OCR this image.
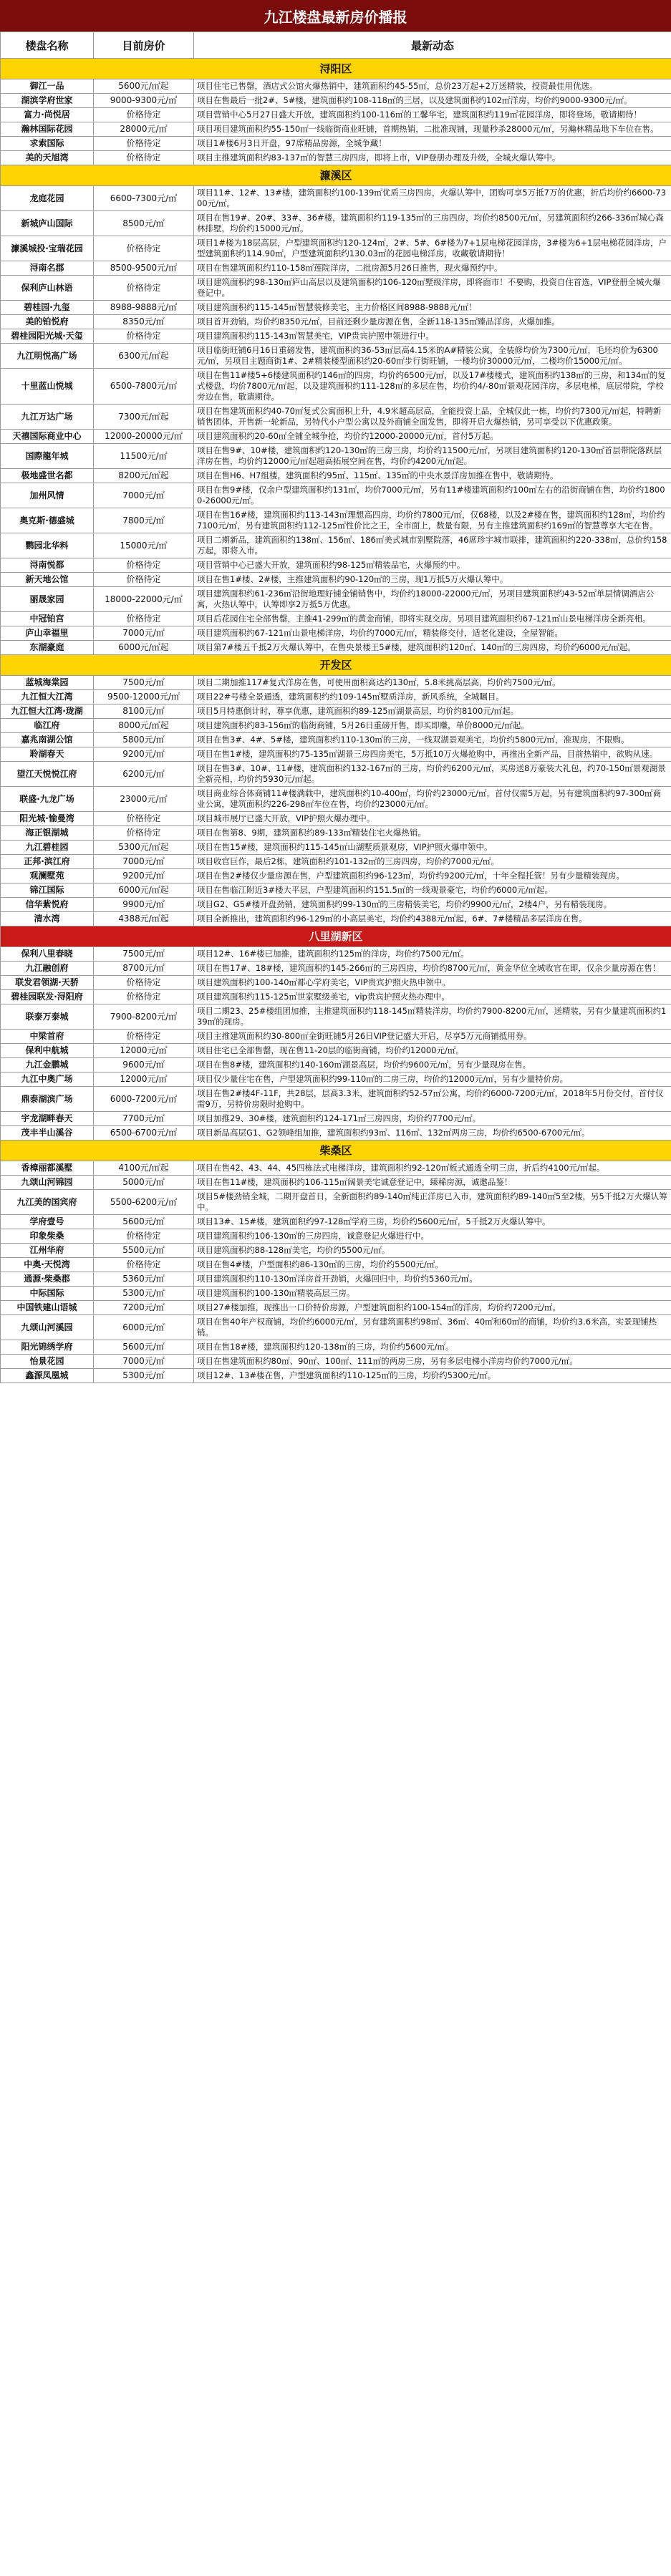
九江楼盘最新房价播报
楼盘名称	目前房价	最新动态
浔阳区		
御江一品	5600元/㎡起	项目住宅已售罄，酒店式公馆火爆热销中，建筑面积约45-55㎡，总价23万起+2万送精装，投资最佳用优选。
湖滨学府世家	9000-9300元/㎡	项目在售最后一批2#、5#楼，建筑面积约108-118㎡的三居，以及建筑面积约102㎡洋房，均价约9000-9300元/㎡。
富力·尚悦居	价格待定	项目营销中心5月27日盛大开放，建筑面积约100-116㎡的工馨华宅，建筑面积约119㎡花园洋房，即将登场，敬请期待！
瀚林国际花园	28000元/㎡	项目项目建筑面积约55-150㎡一线临街商业旺铺，首期热销，二批准现铺，现量秒杀28000元/㎡，另瀚林精品地下车位在售。
求索国际	价格待定	项目1#楼6月3日开盘，97席精品房源，全城争藏！
美的天旭湾	价格待定	项目主推建筑面积约83-137㎡的智慧三房四房，即将上市，VIP登册办理及升级，全城火爆认筹中。
濂溪区		
龙庭花园	6600-7300元/㎡	项目11#、12#、13#楼，建筑面积约100-139㎡优质三房四房，火爆认筹中，团购可享5万抵7万的优惠，折后均价约6600-7300元/㎡。
新城庐山国际	8500元/㎡	项目在售19#、20#、33#、36#楼，建筑面积约119-135㎡的三房四房，均价约8500元/㎡，另建筑面积约266-336㎡城心森林排墅，均价约15000元/㎡。
濂溪城投·宝瑞花园	价格待定	项目1#楼为18层高层，户型建筑面积约120-124㎡，2#、5#、6#楼为7+1层电梯花园洋房，3#楼为6+1层电梯花园洋房，户型建筑面积约114.90㎡，户型建筑面积约130.03㎡的花园电梯洋房，收藏敬请期待！
浔南名郡	8500-9500元/㎡	项目在售建筑面积约110-158㎡莲院洋房，二批房源5月26日推售，现火爆预约中。
保利庐山林语	价格待定	项目建筑面积约98-130㎡庐山高层以及建筑面积约106-120㎡墅级洋房，即将面市！不要购，投资自住首选，VIP登册全城火爆登记中。
碧桂园·九玺	8988-9888元/㎡	项目建筑面积约115-145㎡智慧装修美宅，主力价格区间8988-9888元/㎡！
美的铂悦府	8350元/㎡	项目首开劲销，均价约8350元/㎡，目前还剩少量房源在售，全新118-135㎡臻品洋房，火爆加推。
碧桂园阳光城·天玺	价格待定	项目建筑面积约115-143㎡智慧美宅，VIP贵宾护照申领进行中。
九江明悦高广场	6300元/㎡起	项目临街旺铺6月16日重磅发售，建筑面积约36-53㎡层高4.15米的A#精装公寓，全装修均价为7300元/㎡，毛坯均价为6300元/㎡，另项目主题商街1#、2#精装楼型面积约20-60㎡步行街旺铺，一楼均价30000元/㎡，二楼均价15000元/㎡。
十里蓝山悦城	6500-7800元/㎡	项目在售11#楼5+6楼建筑面积约146㎡的四房，均价约6500元/㎡，以及17#楼楼式，建筑面积约138㎡的三房，和134㎡的复式楼盘，均价7800元/㎡起，以及建筑面积约111-128㎡的多层在售，均价约4/-80㎡景观花园洋房，多层电梯，底层带院，学校旁边在售，敬请期待。
九江万达广场	7300元/㎡起	项目在售建筑面积约40-70㎡复式公寓面积上升，4.9米超高层高，全能投资上品，全城仅此一栋，均价约7300元/㎡起，特聘新销售团体，开售新一轮新品，另特代小户型公寓以及外商铺全面发售，即将开启火爆热销，另可享受以下优惠政策。
天禧国际商业中心	12000-20000元/㎡	项目建筑面积约20-60㎡全铺全城争抢，均价约12000-20000元/㎡，首付5万起。
国際龍年城	11500元/㎡	项目在售9#、10#楼，建筑面积约120-130㎡的三房三房，均价约11500元/㎡，另项目建筑面积约120-130㎡首层带院落跃层洋房在售，均价约12000元/㎡起超高拓展空间在售，均价约4200元/㎡起。
极地盛世名都	8200元/㎡起	项目在售H6、H7组楼，建筑面积约95㎡、115㎡、135㎡的中央水景洋房加推在售中，敬请期待。
加州风情	7000元/㎡	项目在售9#楼，仅余户型建筑面积约131㎡，均价7000元/㎡，另有11#楼建筑面积约100㎡左右的沿街商铺在售，均价约18000-26000元/㎡。
奥克斯·德盛城	7800元/㎡	项目在售16#楼，建筑面积约113-143㎡理想高四房，均价约7800元/㎡，仅68楼，以及2#楼在售，建筑面积约128㎡，均价约7100元/㎡，另有建筑面积约112-125㎡性价比之王，全市面上，数量有限，另有主推建筑面积约169㎡的智慧尊享大宅在售。
鹦园北华料	15000元/㎡	项目二期新品，建筑面积约138㎡、156㎡、186㎡美式城市别墅院落，46席珍宇城市联排，建筑面积约220-338㎡，总价约158万起，即将入市。
浔南悦都	价格待定	项目营销中心已盛大开放，建筑面积约98-125㎡精装品宅，火爆预约中。
新天地公馆	价格待定	项目在售1#楼、2#楼，主推建筑面积约90-120㎡的三房，现1万抵5万火爆认筹中。
丽晟家园	18000-22000元/㎡	项目建筑面积约61-236㎡沿街地理好铺金铺销售中，均价约18000-22000元/㎡，另项目建筑面积约43-52㎡单层情调酒店公寓，火热认筹中，认筹即享2万抵5万优惠。
中冠铂宫	价格待定	项目后花园住宅全部售罄，主推41-299㎡的黄金商铺，即将实现交房，另项目建筑面积约67-121㎡山景电梯洋房全新亮相。
庐山幸福里	7000元/㎡	项目建筑面积约67-121㎡山景电梯洋房，均价约7000元/㎡，精装修交付，适老化建设，全屋智能。
东湖豪庭	6000元/㎡起	项目第7#楼五千抵2万火爆认筹中，在售央景楼王5#楼，建筑面积约120㎡、140㎡的三房四房，均价约6000元/㎡起。
开发区		
蓝城海棠园	7500元/㎡	项目二期加推117#复式洋房在售，可使用面积高达约130㎡，5.8米挑高层高，均价约7500元/㎡。
九江恒大江湾	9500-12000元/㎡	项目22#号楼全景通透，建筑面积约约109-145㎡墅质洋房，新风系统，全城瞩目。
九江恒大江湾·珑湖	8100元/㎡	项目5月特惠倒计时，尊享优惠，建筑面积约89-125㎡湖景高层，均价约8100元/㎡起。
临江府	8000元/㎡起	项目建筑面积约83-156㎡的临街商铺，5月26日重磅开售，即买即赚，单价8000元/㎡起。
嘉兆南湖公馆	5800元/㎡	项目在售3#、4#、5#楼，建筑面积约110-130㎡的三房，一线双湖景观美宅，均价约5800元/㎡，准现房，不限购。
聆湖春天	9200元/㎡	项目在售1#楼，建筑面积约75-135㎡湖景三房四房美宅，5万抵10万火爆抢购中，再推出全新产品，目前热销中，欲购从速。
望江天悦悦江府	6200元/㎡	项目在售3#、10#、11#楼，建筑面积约132-167㎡的三房，均价约6200元/㎡，买房送8万豪装大礼包，约70-150㎡景观湖景全新亮相，均价约5930元/㎡起。
联盛·九龙广场	23000元/㎡	项目商业综合体商铺11#楼满载中，建筑面积约10-400㎡，均价约23000元/㎡，首付仅需5万起，另有建筑面积约97-300㎡商业公寓，建筑面积约226-298㎡车位在售，均价约23000元/㎡。
阳光城·愉曼湾	价格待定	项目城市展厅已盛大开放，VIP护照火爆办理中。
海正银湖城	价格待定	项目在售第8、9期，建筑面积约89-133㎡精装住宅火爆热销。
九江碧桂园	5300元/㎡起	项目在售15#楼，建筑面积约115-145㎡山湖墅质景观房，VIP护照火爆申领中。
正邦·滨江府	7000元/㎡	项目收官巨作，最后2栋，建筑面积约101-132㎡的三房四房，均价约7000元/㎡。
观澜墅苑	9200元/㎡	项目在售2#楼仅少量房源在售，户型建筑面积约96-123㎡，均价约9200元/㎡，十年全程托管！另有少量精装现房。
锦江国际	6000元/㎡起	项目在售临江附近3#楼大平层，户型建筑面积约151.5㎡的一线观景豪宅，均价约6000元/㎡起。
信华紫悦府	9900元/㎡	项目G2、G5#楼开盘劲销，建筑面积约99-130㎡的三房精装美宅，均价约9900元/㎡，2楼4户，另有精装现房。
清水湾	4388元/㎡起	项目全新推出，建筑面积约96-129㎡的小高层美宅，均价约4388元/㎡起，6#、7#楼精品多层洋房在售。
八里湖新区		
保利八里春晓	7500元/㎡	项目12#、16#楼已加推，建筑面积约125㎡的洋房，均价约7500元/㎡。
九江融创府	8700元/㎡	项目在售17#、18#楼，建筑面积约145-266㎡的三房四房，均价约8700元/㎡，黄金华位全城收官在即，仅余少量房源在售！
联发君领湖·天骄	价格待定	项目建筑面积约100-140㎡都心学府美宅，VIP贵宾护照火热申领中。
碧桂园联发·浔阳府	价格待定	项目建筑面积约115-125㎡世家墅级美宅，vip贵宾护照火热办理中。
联泰万泰城	7900-8200元/㎡	项目二期23、25#楼组团加推，主推建筑面积约118-145㎡精装洋房，均价约7900-8200元/㎡，送精装，另有少量建筑面积约139㎡的现房。
中梁首府	价格待定	项目主推建筑面积约30-800㎡金街旺铺5月26日VIP登记盛大开启，尽享5万元商铺抵用券。
保利中航城	12000元/㎡	项目住宅已全部售罄，现在售11-20层的临街商铺，均价约12000元/㎡。
九江金鹏城	9600元/㎡	项目在售8#楼，建筑面积约140-160㎡湖景高层，均价约9600元/㎡，另有少量现房在售。
九江中奥广场	12000元/㎡	项目仅少量住宅在售，户型建筑面积约99-110㎡的二房三房，均价约12000元/㎡，另有少量特价房。
鼎泰湖滨广场	6000-7200元/㎡	项目在售2#楼4F-11F，共28层，层高3.3米，建筑面积约52-57㎡公寓，均价约6000-7200元/㎡，2018年5月份交付，首付仅需9万，另特价房限时抢购中。
宇龙湖畔春天	7700元/㎡	项目加推29、30#楼，建筑面积约124-171㎡三房四房，均价约7700元/㎡。
茂丰半山溪谷	6500-6700元/㎡	项目新品高层G1、G2领峰组加推，建筑面积约93㎡、116㎡、132㎡两房三房，均价约6500-6700元/㎡。
柴桑区		
香樟丽都溪墅	4100元/㎡起	项目在售42、43、44、45四栋法式电梯洋房，建筑面积约92-120㎡板式通透全明三房，折后约4100元/㎡起。
九颂山河锦园	5000元/㎡	项目在售11#楼，建筑面积约106-115㎡阔景美宅诚意登记中，臻稀房源，诚邀品鉴！
九江美的国宾府	5500-6200元/㎡	项目5#楼劲销全城，二期开盘首日，全新面积约89-140㎡纯正洋房已入市，建筑面积约89-140㎡5至2楼，另5千抵2万火爆认筹中。
学府壹号	5600元/㎡	项目13#、15#楼，建筑面积约97-128㎡学府三房，均价约5600元/㎡，5千抵2万火爆认筹中。
印象柴桑	价格待定	项目建筑面积约106-130㎡的三房四房，诚意登记火爆进行中。
江州华府	5500元/㎡	项目建筑面积约88-128㎡美宅，均价约5500元/㎡。
中奥·天悦湾	价格待定	项目在售4#楼，户型面积约86-130㎡的三房，均价约5500元/㎡。
通源·柴桑郡	5360元/㎡	项目建筑面积约110-130㎡洋房首开劲销，火爆回归中，均价约5360元/㎡。
中际国际	5300元/㎡	项目建筑面积约100-130㎡精装高层三房。
中国铁建山语城	7200元/㎡	项目27#楼加推，现推出一口价特价房源，户型建筑面积约100-154㎡的洋房，均价约7200元/㎡。
九颂山河溪园	6000元/㎡	项目在售40年产权商铺，均价约6000元/㎡，另有建筑面积约98㎡、36㎡、40㎡和60㎡的商铺，均价约3.6米高，实景现铺热销。
阳光锦绣学府	5600元/㎡	项目在售18#楼，建筑面积约120-138㎡的三房，均价约5600元/㎡。
怡景花园	7000元/㎡	项目在售建筑面积约80㎡、90㎡、100㎡、111㎡的两房三房，另有多层电梯小洋房均价约7000元/㎡。
鑫源凤凰城	5300元/㎡	项目12#、13#楼在售，户型建筑面积约110-125㎡的三房，均价约5300元/㎡。
